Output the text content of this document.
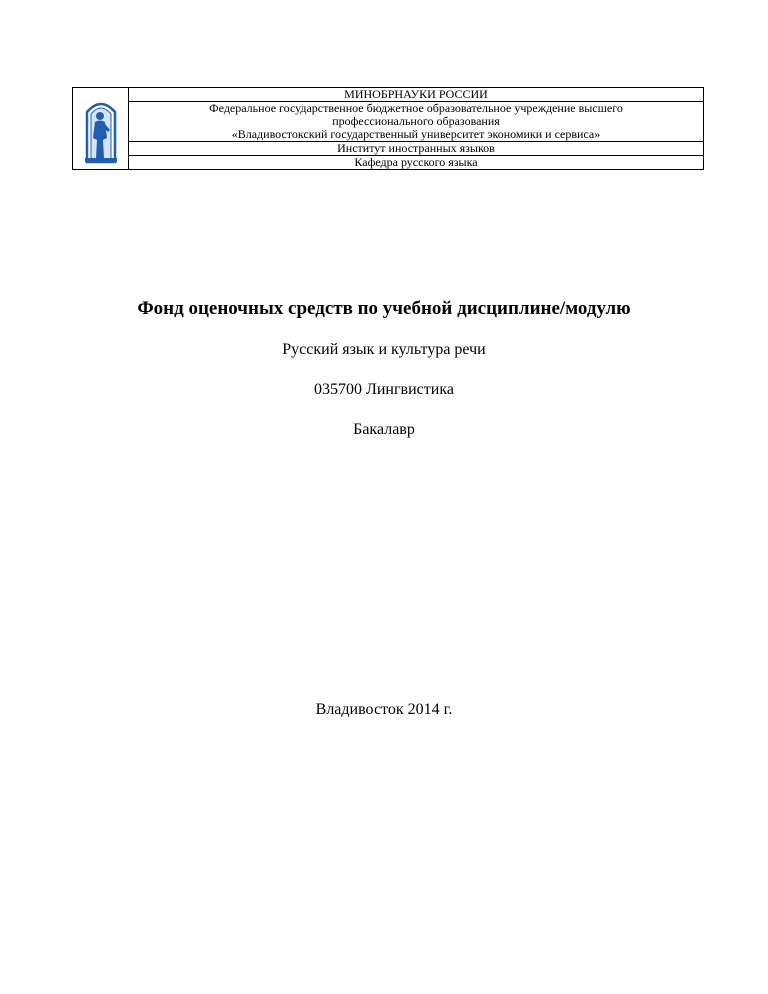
	МИНОБРНАУКИ РОССИИ

Федеральное государственное бюджетное образовательное учреждение высшего
профессионального образования
«Владивостокский государственный университет экономики и сервиса»

Институт иностранных языков
Кафедра русского языка
Фонд оценочных средств по учебной дисциплине/модулю

Русский язык и культура речи

035700 Лингвистика

Бакалавр

Владивосток 2014 г.
